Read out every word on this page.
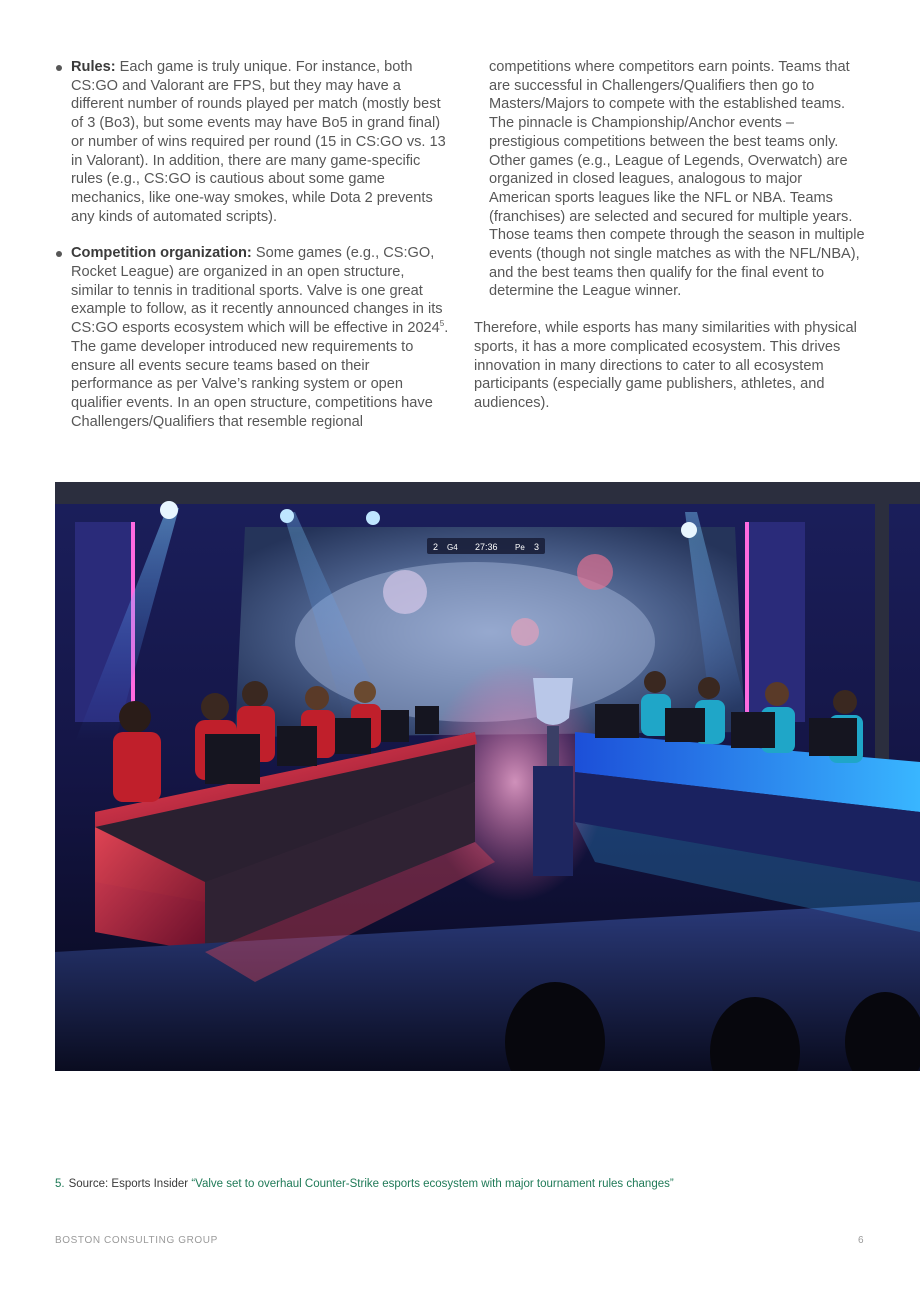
Rules: Each game is truly unique. For instance, both CS:GO and Valorant are FPS, but they may have a different number of rounds played per match (mostly best of 3 (Bo3), but some events may have Bo5 in grand final) or number of wins required per round (15 in CS:GO vs. 13 in Valorant). In addition, there are many game-specific rules (e.g., CS:GO is cautious about some game mechanics, like one-way smokes, while Dota 2 prevents any kinds of automated scripts).
Competition organization: Some games (e.g., CS:GO, Rocket League) are organized in an open structure, similar to tennis in traditional sports. Valve is one great example to follow, as it recently announced changes in its CS:GO esports ecosystem which will be effective in 2024$^5$. The game developer introduced new requirements to ensure all events secure teams based on their performance as per Valve’s ranking system or open qualifier events. In an open structure, competitions have Challengers/Qualifiers that resemble regional
competitions where competitors earn points. Teams that are successful in Challengers/Qualifiers then go to Masters/Majors to compete with the established teams. The pinnacle is Championship/Anchor events – prestigious competitions between the best teams only. Other games (e.g., League of Legends, Overwatch) are organized in closed leagues, analogous to major American sports leagues like the NFL or NBA. Teams (franchises) are selected and secured for multiple years. Those teams then compete through the season in multiple events (though not single matches as with the NFL/NBA), and the best teams then qualify for the final event to determine the League winner.
Therefore, while esports has many similarities with physical sports, it has a more complicated ecosystem. This drives innovation in many directions to cater to all ecosystem participants (especially game publishers, athletes, and audiences).
2 G4 27:36 Pe 3
5. Source: Esports Insider “Valve set to overhaul Counter-Strike esports ecosystem with major tournament rules changes”
BOSTON CONSULTING GROUP	6
